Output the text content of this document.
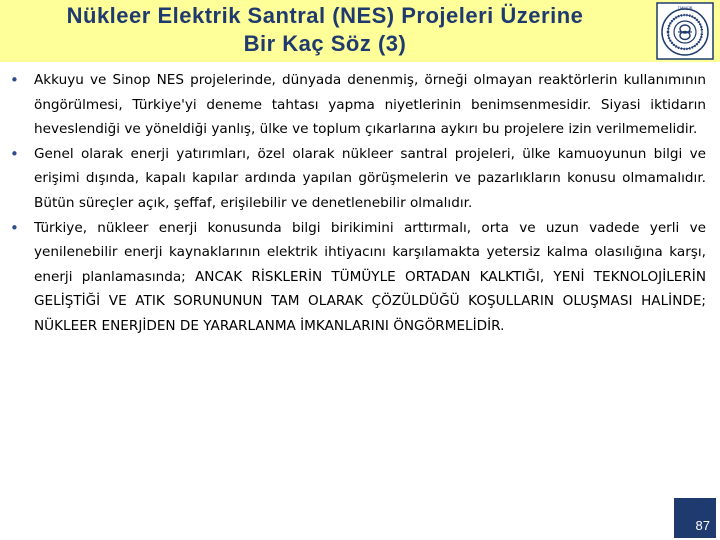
Nükleer Elektrik Santral (NES) Projeleri Üzerine
Bir Kaç Söz (3)
TMMOB

• Akkuyu ve Sinop NES projelerinde, dünyada denenmiş, örneği olmayan reaktörlerin kullanımının öngörülmesi, Türkiye'yi deneme tahtası yapma niyetlerinin benimsenmesidir. Siyasi iktidarın heveslendiği ve yöneldiği yanlış, ülke ve toplum çıkarlarına aykırı bu projelere izin verilmemelidir.

• Genel olarak enerji yatırımları, özel olarak nükleer santral projeleri, ülke kamuoyunun bilgi ve erişimi dışında, kapalı kapılar ardında yapılan görüşmelerin ve pazarlıkların konusu olmamalıdır. Bütün süreçler açık, şeffaf, erişilebilir ve denetlenebilir olmalıdır.

• Türkiye, nükleer enerji konusunda bilgi birikimini arttırmalı, orta ve uzun vadede yerli ve yenilenebilir enerji kaynaklarının elektrik ihtiyacını karşılamakta yetersiz kalma olasılığına karşı, enerji planlamasında; ANCAK RİSKLERİN TÜMÜYLE ORTADAN KALKTIĞI, YENİ TEKNOLOJİLERİN GELİŞTİĞİ VE ATIK SORUNUNUN TAM OLARAK ÇÖZÜLDÜĞÜ KOŞULLARIN OLUŞMASI HALİNDE; NÜKLEER ENERJİDEN DE YARARLANMA İMKANLARINI ÖNGÖRMELİDİR.

87
